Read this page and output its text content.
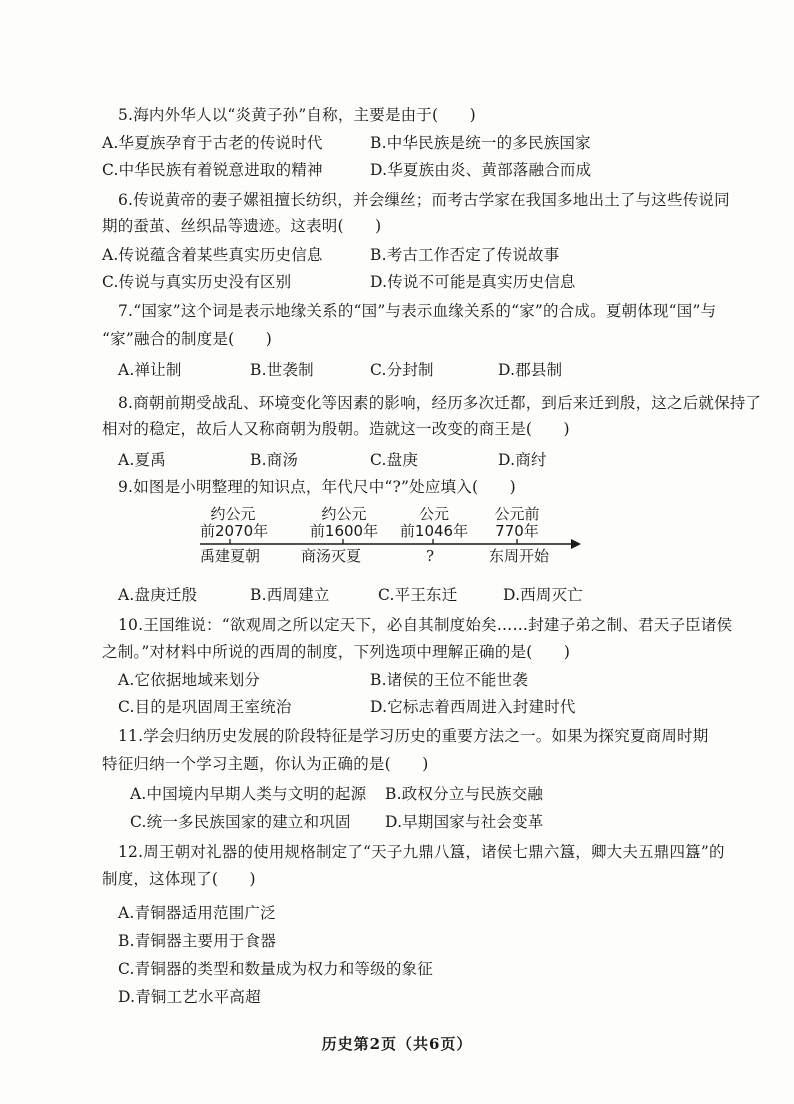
5.海内外华人以“炎黄子孙”自称，主要是由于(　　)
A.华夏族孕育于古老的传说时代	B.中华民族是统一的多民族国家
C.中华民族有着锐意进取的精神	D.华夏族由炎、黄部落融合而成
6.传说黄帝的妻子嫘祖擅长纺织，并会缫丝；而考古学家在我国多地出土了与这些传说同
期的蚕茧、丝织品等遗迹。这表明(　　)
A.传说蕴含着某些真实历史信息	B.考古工作否定了传说故事
C.传说与真实历史没有区别	D.传说不可能是真实历史信息
7.“国家”这个词是表示地缘关系的“国”与表示血缘关系的“家”的合成。夏朝体现“国”与
“家”融合的制度是(　　)
A.禅让制	B.世袭制	C.分封制	D.郡县制
8.商朝前期受战乱、环境变化等因素的影响，经历多次迁都，到后来迁到殷，这之后就保持了
相对的稳定，故后人又称商朝为殷朝。造就这一改变的商王是(　　)
A.夏禹	B.商汤	C.盘庚	D.商纣
9.如图是小明整理的知识点，年代尺中“?”处应填入(　　)
约公元
前2070年
约公元
前1600年
公元
前1046年
公元前
770年
禹建夏朝	商汤灭夏	?	东周开始
A.盘庚迁殷	B.西周建立	C.平王东迁	D.西周灭亡
10.王国维说：“欲观周之所以定天下，必自其制度始矣……封建子弟之制、君天子臣诸侯
之制。”对材料中所说的西周的制度，下列选项中理解正确的是(　　)
A.它依据地域来划分	B.诸侯的王位不能世袭
C.目的是巩固周王室统治	D.它标志着西周进入封建时代
11.学会归纳历史发展的阶段特征是学习历史的重要方法之一。如果为探究夏商周时期
特征归纳一个学习主题，你认为正确的是(　　)
A.中国境内早期人类与文明的起源 B.政权分立与民族交融
C.统一多民族国家的建立和巩固 D.早期国家与社会变革
12.周王朝对礼器的使用规格制定了“天子九鼎八簋，诸侯七鼎六簋，卿大夫五鼎四簋”的
制度，这体现了(　　)
A.青铜器适用范围广泛
B.青铜器主要用于食器
C.青铜器的类型和数量成为权力和等级的象征
D.青铜工艺水平高超
历史第2页（共6页）
